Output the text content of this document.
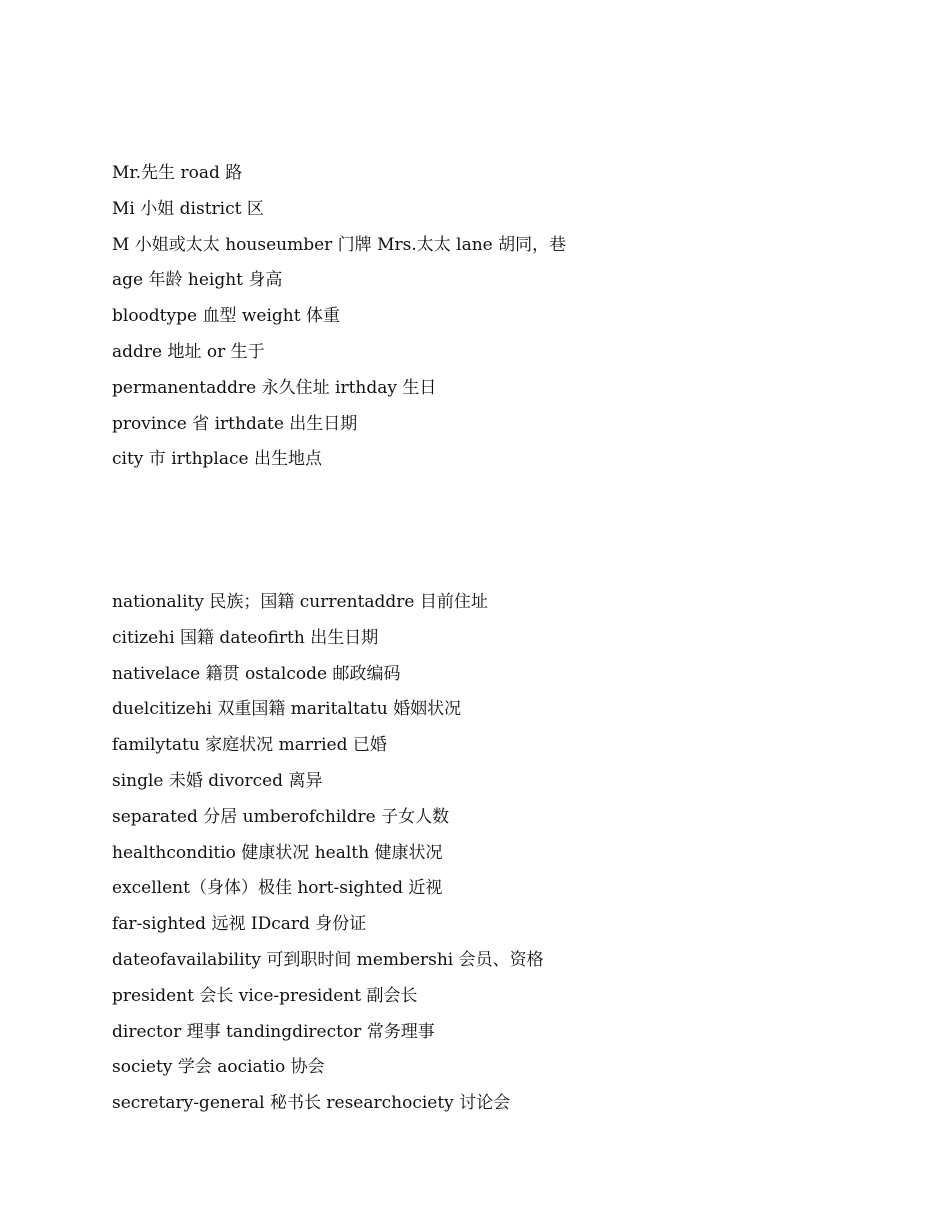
Mr.先生 road 路
Mi 小姐 district 区
M 小姐或太太 houseumber 门牌 Mrs.太太 lane 胡同，巷
age 年龄 height 身高
bloodtype 血型 weight 体重
addre 地址 or 生于
permanentaddre 永久住址 irthday 生日
province 省 irthdate 出生日期
city 市 irthplace 出生地点
nationality 民族；国籍 currentaddre 目前住址
citizehi 国籍 dateofirth 出生日期
nativelace 籍贯 ostalcode 邮政编码
duelcitizehi 双重国籍 maritaltatu 婚姻状况
familytatu 家庭状况 married 已婚
single 未婚 divorced 离异
separated 分居 umberofchildre 子女人数
healthconditio 健康状况 health 健康状况
excellent（身体）极佳 hort-sighted 近视
far-sighted 远视 IDcard 身份证
dateofavailability 可到职时间 membershi 会员、资格
president 会长 vice-president 副会长
director 理事 tandingdirector 常务理事
society 学会 aociatio 协会
secretary-general 秘书长 researchociety 讨论会
